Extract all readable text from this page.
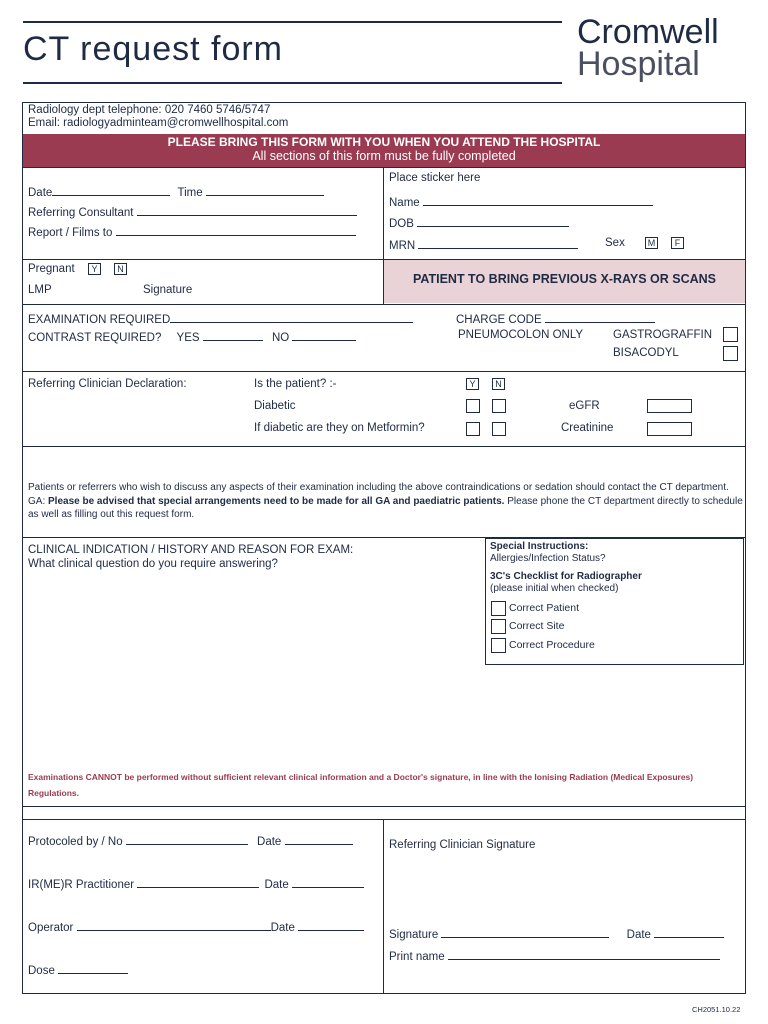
CT request form	Cromwell
Hospital
Radiology dept telephone: 020 7460 5746/5747
Email: radiologyadminteam@cromwellhospital.com
PLEASE BRING THIS FORM WITH YOU WHEN YOU ATTEND THE HOSPITAL
All sections of this form must be fully completed
Date	Time
Referring Consultant
Report / Films to
Place sticker here
Name
DOB
MRN	Sex	M	F
Pregnant	Y	N
LMP	Signature
PATIENT TO BRING PREVIOUS X-RAYS OR SCANS
EXAMINATION REQUIRED	CHARGE CODE
CONTRAST REQUIRED? YES	NO	PNEUMOCOLON ONLY	GASTROGRAFFIN
BISACODYL
Referring Clinician Declaration:	Is the patient? :-	Y	N
Diabetic	eGFR
If diabetic are they on Metformin?	Creatinine
Patients or referrers who wish to discuss any aspects of their examination including the above contraindications or sedation should contact the CT department. GA: Please be advised that special arrangements need to be made for all GA and paediatric patients. Please phone the CT department directly to schedule as well as filling out this request form.
CLINICAL INDICATION / HISTORY AND REASON FOR EXAM:
What clinical question do you require answering?
Special Instructions:
Allergies/Infection Status?
3C's Checklist for Radiographer
(please initial when checked)
Correct Patient
Correct Site
Correct Procedure
Examinations CANNOT be performed without sufficient relevant clinical information and a Doctor's signature, in line with the Ionising Radiation (Medical Exposures) Regulations.
Protocoled by / No	Date
IR(ME)R Practitioner	Date
Operator	Date
Dose
Referring Clinician Signature
Signature	Date
Print name
CH2051.10.22
